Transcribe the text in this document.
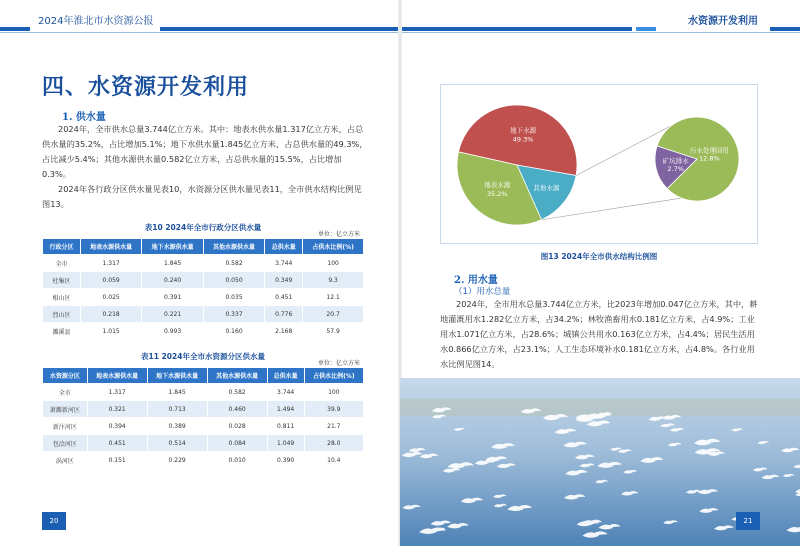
2024年淮北市水资源公报	水资源开发利用
四、水资源开发利用
1. 供水量
2024年，全市供水总量3.744亿立方米。其中：地表水供水量1.317亿立方米，占总供水量的35.2%，占比增加5.1%；地下水供水量1.845亿立方米，占总供水量的49.3%，占比减少5.4%；其他水源供水量0.582亿立方米，占总供水量的15.5%，占比增加0.3%。
2024年各行政分区供水量见表10，水资源分区供水量见表11，全市供水结构比例见图13。
表10 2024年全市行政分区供水量
单位：亿立方米
行政分区	地表水源供水量	地下水源供水量	其他水源供水量	总供水量	占供水比例(%)
全市	1.317	1.845	0.582	3.744	100
杜集区	0.059	0.240	0.050	0.349	9.3
相山区	0.025	0.391	0.035	0.451	12.1
烈山区	0.218	0.221	0.337	0.776	20.7
濉溪县	1.015	0.993	0.160	2.168	57.9
表11 2024年全市水资源分区供水量
单位：亿立方米
水资源分区	地表水源供水量	地下水源供水量	其他水源供水量	总供水量	占供水比例(%)
全市	1.317	1.845	0.582	3.744	100
萧濉新河区	0.321	0.713	0.460	1.494	39.9
新汴河区	0.394	0.389	0.028	0.811	21.7
包浍河区	0.451	0.514	0.084	1.049	28.0
涡河区	0.151	0.229	0.010	0.390	10.4
20
地下水源
49.3%
其他水源
地表水源
35.2%
污水处理回用
12.8%
矿坑排水
2.7%
图13 2024年全市供水结构比例图
2. 用水量
（1）用水总量
2024年，全市用水总量3.744亿立方米，比2023年增加0.047亿立方米，其中，耕地灌溉用水1.282亿立方米，占34.2%；林牧渔畜用水0.181亿立方米，占4.9%；工业用水1.071亿立方米，占28.6%；城镇公共用水0.163亿立方米，占4.4%；居民生活用水0.866亿立方米，占23.1%；人工生态环境补水0.181亿立方米，占4.8%。各行业用水比例见图14。
21
